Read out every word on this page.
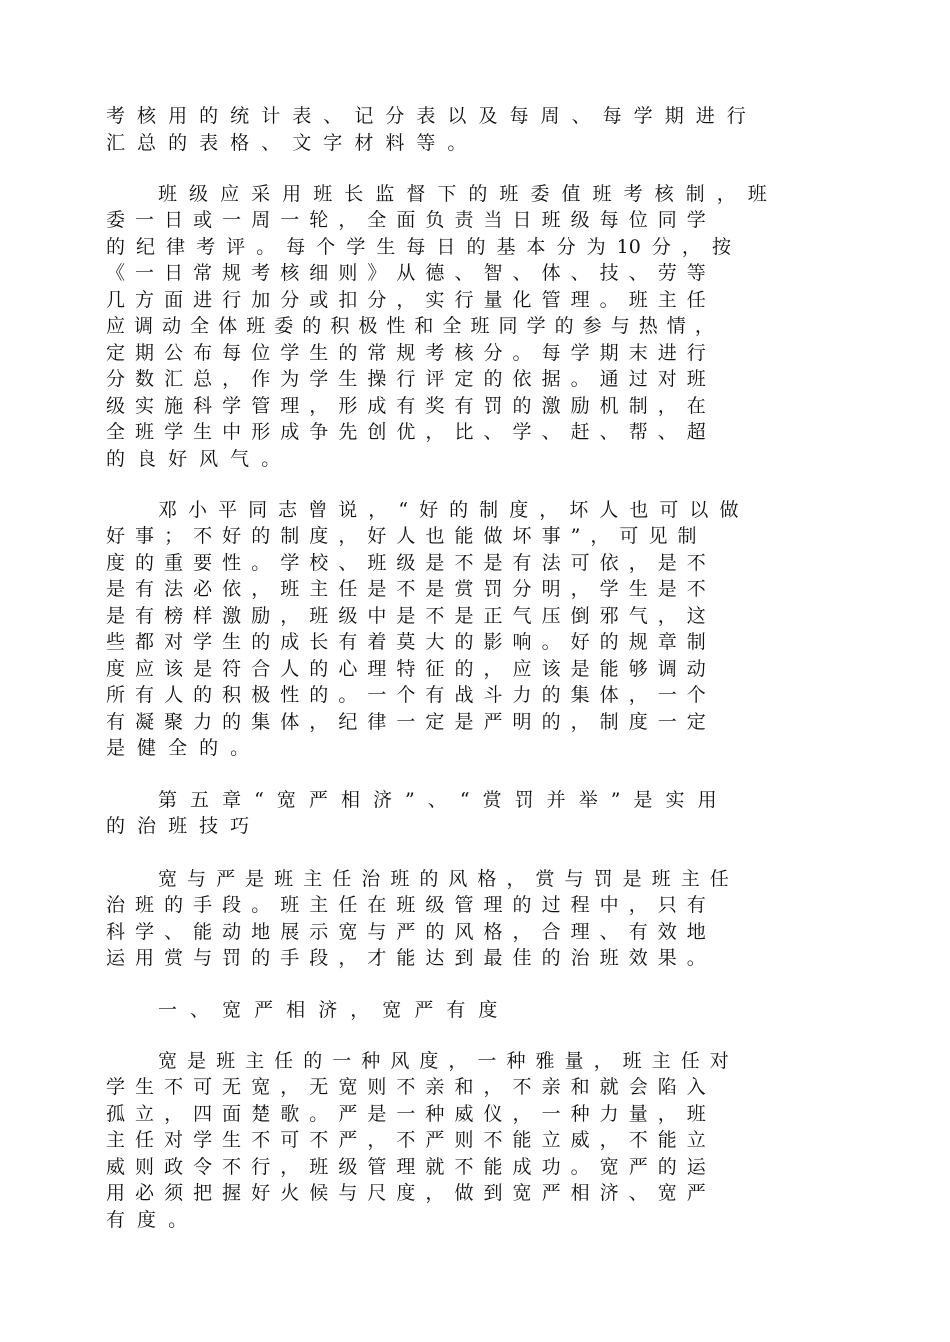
考 核 用 的 统 计 表 、 记 分 表 以 及 每 周 、 每 学 期 进 行
汇 总 的 表 格 、 文 字 材 料 等 。
班 级 应 采 用 班 长 监 督 下 的 班 委 值 班 考 核 制 ， 班
委 一 日 或 一 周 一 轮 ， 全 面 负 责 当 日 班 级 每 位 同 学
的 纪 律 考 评 。 每 个 学 生 每 日 的 基 本 分 为 10 分 ， 按
《 一 日 常 规 考 核 细 则 》 从 德 、 智 、 体 、 技 、 劳 等
几 方 面 进 行 加 分 或 扣 分 ， 实 行 量 化 管 理 。 班 主 任
应 调 动 全 体 班 委 的 积 极 性 和 全 班 同 学 的 参 与 热 情 ，
定 期 公 布 每 位 学 生 的 常 规 考 核 分 。 每 学 期 末 进 行
分 数 汇 总 ， 作 为 学 生 操 行 评 定 的 依 据 。 通 过 对 班
级 实 施 科 学 管 理 ， 形 成 有 奖 有 罚 的 激 励 机 制 ， 在
全 班 学 生 中 形 成 争 先 创 优 ， 比 、 学 、 赶 、 帮 、 超
的 良 好 风 气 。
邓 小 平 同 志 曾 说 ， “ 好 的 制 度 ， 坏 人 也 可 以 做
好 事 ； 不 好 的 制 度 ， 好 人 也 能 做 坏 事 ” ， 可 见 制
度 的 重 要 性 。 学 校 、 班 级 是 不 是 有 法 可 依 ， 是 不
是 有 法 必 依 ， 班 主 任 是 不 是 赏 罚 分 明 ， 学 生 是 不
是 有 榜 样 激 励 ， 班 级 中 是 不 是 正 气 压 倒 邪 气 ， 这
些 都 对 学 生 的 成 长 有 着 莫 大 的 影 响 。 好 的 规 章 制
度 应 该 是 符 合 人 的 心 理 特 征 的 ， 应 该 是 能 够 调 动
所 有 人 的 积 极 性 的 。 一 个 有 战 斗 力 的 集 体 ， 一 个
有 凝 聚 力 的 集 体 ， 纪 律 一 定 是 严 明 的 ， 制 度 一 定
是 健 全 的 。
第 五 章 “ 宽 严 相 济 ” 、 “ 赏 罚 并 举 ” 是 实 用
的 治 班 技 巧
宽 与 严 是 班 主 任 治 班 的 风 格 ， 赏 与 罚 是 班 主 任
治 班 的 手 段 。 班 主 任 在 班 级 管 理 的 过 程 中 ， 只 有
科 学 、 能 动 地 展 示 宽 与 严 的 风 格 ， 合 理 、 有 效 地
运 用 赏 与 罚 的 手 段 ， 才 能 达 到 最 佳 的 治 班 效 果 。
一 、 宽 严 相 济 ， 宽 严 有 度
宽 是 班 主 任 的 一 种 风 度 ， 一 种 雅 量 ， 班 主 任 对
学 生 不 可 无 宽 ， 无 宽 则 不 亲 和 ， 不 亲 和 就 会 陷 入
孤 立 ， 四 面 楚 歌 。 严 是 一 种 威 仪 ， 一 种 力 量 ， 班
主 任 对 学 生 不 可 不 严 ， 不 严 则 不 能 立 威 ， 不 能 立
威 则 政 令 不 行 ， 班 级 管 理 就 不 能 成 功 。 宽 严 的 运
用 必 须 把 握 好 火 候 与 尺 度 ， 做 到 宽 严 相 济 、 宽 严
有 度 。
